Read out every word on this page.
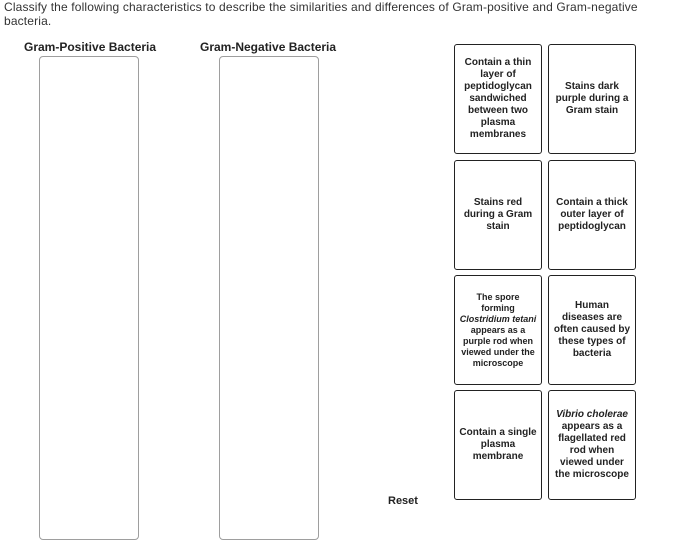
Classify the following characteristics to describe the similarities and differences of Gram-positive and Gram-negative bacteria.
Gram-Positive Bacteria	Gram-Negative Bacteria
Contain a thin layer of peptidoglycan sandwiched between two plasma membranes
Stains dark purple during a Gram stain
Stains red during a Gram stain
Contain a thick outer layer of peptidoglycan
The spore forming Clostridium tetani appears as a purple rod when viewed under the microscope
Human diseases are often caused by these types of bacteria
Contain a single plasma membrane
Vibrio cholerae appears as a flagellated red rod when viewed under the microscope
Reset
